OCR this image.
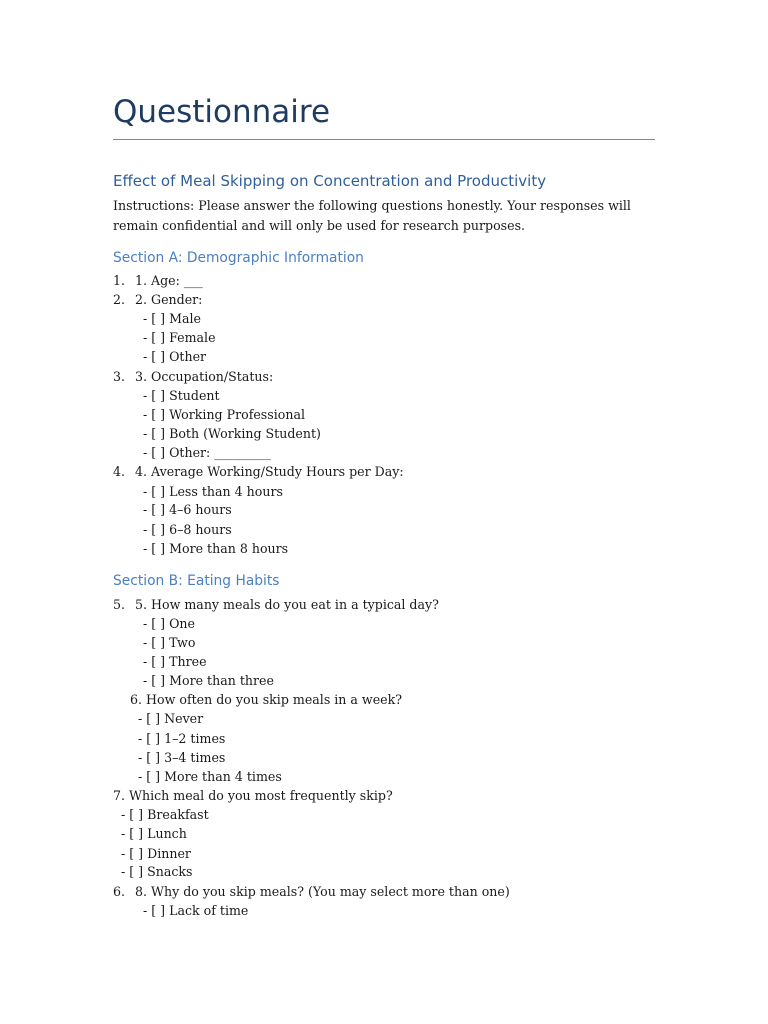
Questionnaire
Effect of Meal Skipping on Concentration and Productivity

Instructions: Please answer the following questions honestly. Your responses will remain confidential and will only be used for research purposes.

Section A: Demographic Information
1. 1. Age: ___
2. 2. Gender:
- [ ] Male
- [ ] Female
- [ ] Other
3. 3. Occupation/Status:
- [ ] Student
- [ ] Working Professional
- [ ] Both (Working Student)
- [ ] Other: _________
4. 4. Average Working/Study Hours per Day:
- [ ] Less than 4 hours
- [ ] 4–6 hours
- [ ] 6–8 hours
- [ ] More than 8 hours
Section B: Eating Habits
5. 5. How many meals do you eat in a typical day?
- [ ] One
- [ ] Two
- [ ] Three
- [ ] More than three
6. How often do you skip meals in a week?
- [ ] Never
- [ ] 1–2 times
- [ ] 3–4 times
- [ ] More than 4 times
7. Which meal do you most frequently skip?
- [ ] Breakfast
- [ ] Lunch
- [ ] Dinner
- [ ] Snacks
6. 8. Why do you skip meals? (You may select more than one)
- [ ] Lack of time
